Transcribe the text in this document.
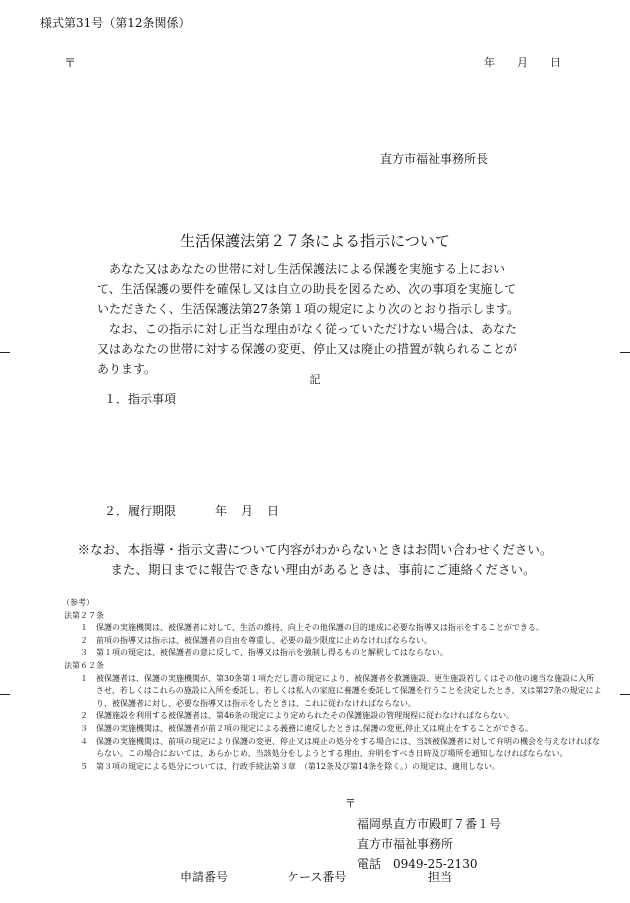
様式第31号（第12条関係）
〒	年 月 日
直方市福祉事務所長
生活保護法第２７条による指示について

あなた又はあなたの世帯に対し生活保護法による保護を実施する上において、生活保護の要件を確保し又は自立の助長を図るため、次の事項を実施していただきたく、生活保護法第27条第１項の規定により次のとおり指示します。

なお、この指示に対し正当な理由がなく従っていただけない場合は、あなた又はあなたの世帯に対する保護の変更、停止又は廃止の措置が執られることがあります。

記
１．指示事項
２．履行期限	年 月 日

※なお、本指導・指示文書について内容がわからないときはお問い合わせください。

また、期日までに報告できない理由があるときは、事前にご連絡ください。

（参考）
法第２７条
１	保護の実施機関は、被保護者に対して、生活の維持、向上その他保護の目的達成に必要な指導又は指示をすることができる。
２	前項の指導又は指示は、被保護者の自由を尊重し、必要の最少限度に止めなければならない。
３	第１項の規定は、被保護者の意に反して、指導又は指示を強制し得るものと解釈してはならない。
法第６２条
１	被保護者は、保護の実施機関が、第30条第１項ただし書の規定により、被保護者を救護施設、更生施設若しくはその他の適当な施設に入所させ、若しくはこれらの施設に入所を委託し、若しくは私人の家庭に養護を委託して保護を行うことを決定したとき、又は第27条の規定により、被保護者に対し、必要な指導又は指示をしたときは、これに従わなければならない。
２	保護施設を利用する被保護者は、第46条の規定により定められたその保護施設の管理規程に従わなければならない。
３	保護の実施機関は、被保護者が前２項の規定による義務に違反したときは,保護の変更,停止又は廃止をすることができる。
４	保護の実施機関は、前項の規定により保護の変更、停止又は廃止の処分をする場合には、当該被保護者に対して弁明の機会を与えなければならない。この場合においては、あらかじめ、当該処分をしようとする理由、弁明をすべき日時及び場所を通知しなければならない。
５	第３項の規定による処分については、行政手続法第３章　（第12条及び第14条を除く。）の規定は、適用しない。
〒
福岡県直方市殿町７番１号
直方市福祉事務所
電話　0949-25-2130
申請番号	ケース番号	担当
